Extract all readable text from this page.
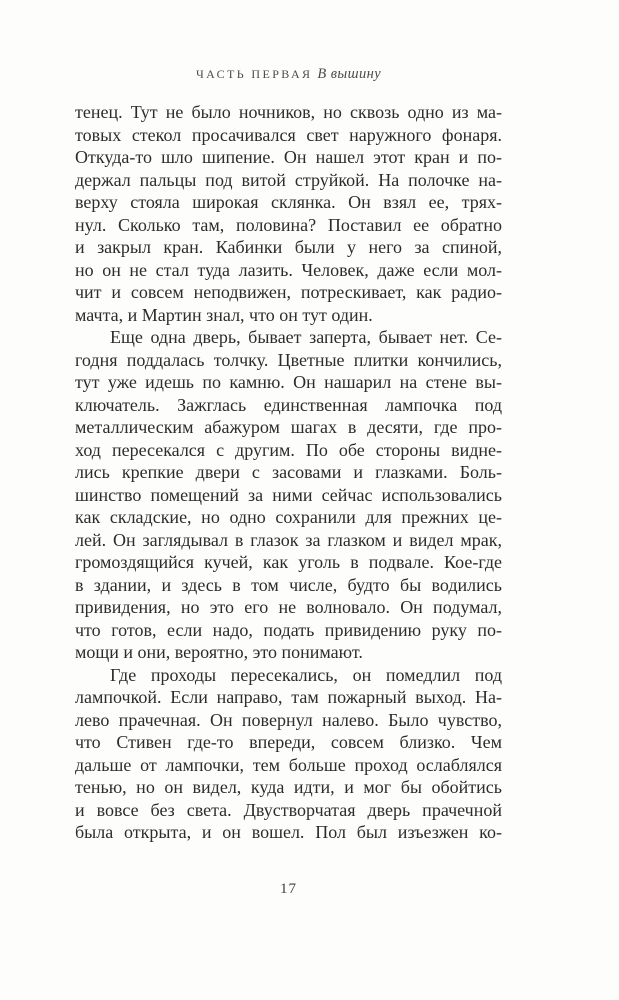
ЧАСТЬ ПЕРВАЯ В вышину
тенец. Тут не было ночников, но сквозь одно из ма-
товых стекол просачивался свет наружного фонаря.
Откуда-то шло шипение. Он нашел этот кран и по-
держал пальцы под витой струйкой. На полочке на-
верху стояла широкая склянка. Он взял ее, трях-
нул. Сколько там, половина? Поставил ее обратно
и закрыл кран. Кабинки были у него за спиной,
но он не стал туда лазить. Человек, даже если мол-
чит и совсем неподвижен, потрескивает, как радио-
мачта, и Мартин знал, что он тут один.
Еще одна дверь, бывает заперта, бывает нет. Се-
годня поддалась толчку. Цветные плитки кончились,
тут уже идешь по камню. Он нашарил на стене вы-
ключатель. Зажглась единственная лампочка под
металлическим абажуром шагах в десяти, где про-
ход пересекался с другим. По обе стороны видне-
лись крепкие двери с засовами и глазками. Боль-
шинство помещений за ними сейчас использовались
как складские, но одно сохранили для прежних це-
лей. Он заглядывал в глазок за глазком и видел мрак,
громоздящийся кучей, как уголь в подвале. Кое-где
в здании, и здесь в том числе, будто бы водились
привидения, но это его не волновало. Он подумал,
что готов, если надо, подать привидению руку по-
мощи и они, вероятно, это понимают.
Где проходы пересекались, он помедлил под
лампочкой. Если направо, там пожарный выход. На-
лево прачечная. Он повернул налево. Было чувство,
что Стивен где-то впереди, совсем близко. Чем
дальше от лампочки, тем больше проход ослаблялся
тенью, но он видел, куда идти, и мог бы обойтись
и вовсе без света. Двустворчатая дверь прачечной
была открыта, и он вошел. Пол был изъезжен ко-
17
